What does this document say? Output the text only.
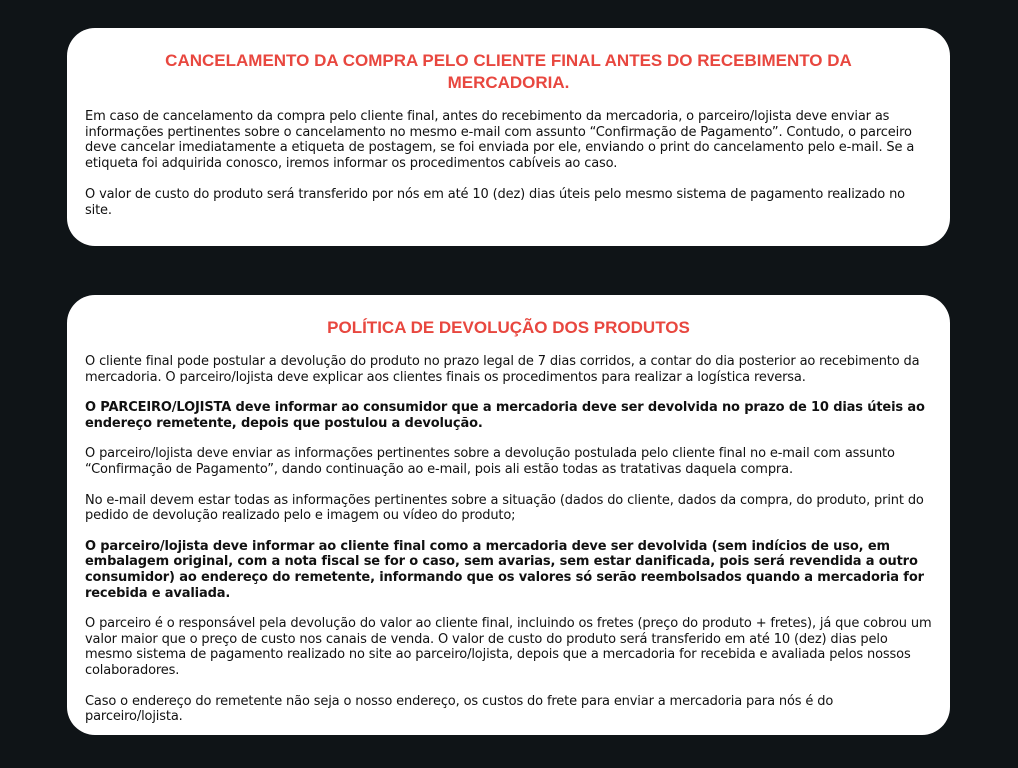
CANCELAMENTO DA COMPRA PELO CLIENTE FINAL ANTES DO RECEBIMENTO DA MERCADORIA.

Em caso de cancelamento da compra pelo cliente final, antes do recebimento da mercadoria, o parceiro/lojista deve enviar as informações pertinentes sobre o cancelamento no mesmo e-mail com assunto “Confirmação de Pagamento”. Contudo, o parceiro deve cancelar imediatamente a etiqueta de postagem, se foi enviada por ele, enviando o print do cancelamento pelo e-mail. Se a etiqueta foi adquirida conosco, iremos informar os procedimentos cabíveis ao caso.

O valor de custo do produto será transferido por nós em até 10 (dez) dias úteis pelo mesmo sistema de pagamento realizado no site.

POLÍTICA DE DEVOLUÇÃO DOS PRODUTOS

O cliente final pode postular a devolução do produto no prazo legal de 7 dias corridos, a contar do dia posterior ao recebimento da mercadoria. O parceiro/lojista deve explicar aos clientes finais os procedimentos para realizar a logística reversa.

O PARCEIRO/LOJISTA deve informar ao consumidor que a mercadoria deve ser devolvida no prazo de 10 dias úteis ao endereço remetente, depois que postulou a devolução.

O parceiro/lojista deve enviar as informações pertinentes sobre a devolução postulada pelo cliente final no e-mail com assunto “Confirmação de Pagamento”, dando continuação ao e-mail, pois ali estão todas as tratativas daquela compra.

No e-mail devem estar todas as informações pertinentes sobre a situação (dados do cliente, dados da compra, do produto, print do pedido de devolução realizado pelo e imagem ou vídeo do produto;

O parceiro/lojista deve informar ao cliente final como a mercadoria deve ser devolvida (sem indícios de uso, em embalagem original, com a nota fiscal se for o caso, sem avarias, sem estar danificada, pois será revendida a outro consumidor) ao endereço do remetente, informando que os valores só serão reembolsados quando a mercadoria for recebida e avaliada.

O parceiro é o responsável pela devolução do valor ao cliente final, incluindo os fretes (preço do produto + fretes), já que cobrou um valor maior que o preço de custo nos canais de venda. O valor de custo do produto será transferido em até 10 (dez) dias pelo mesmo sistema de pagamento realizado no site ao parceiro/lojista, depois que a mercadoria for recebida e avaliada pelos nossos colaboradores.

Caso o endereço do remetente não seja o nosso endereço, os custos do frete para enviar a mercadoria para nós é do parceiro/lojista.
